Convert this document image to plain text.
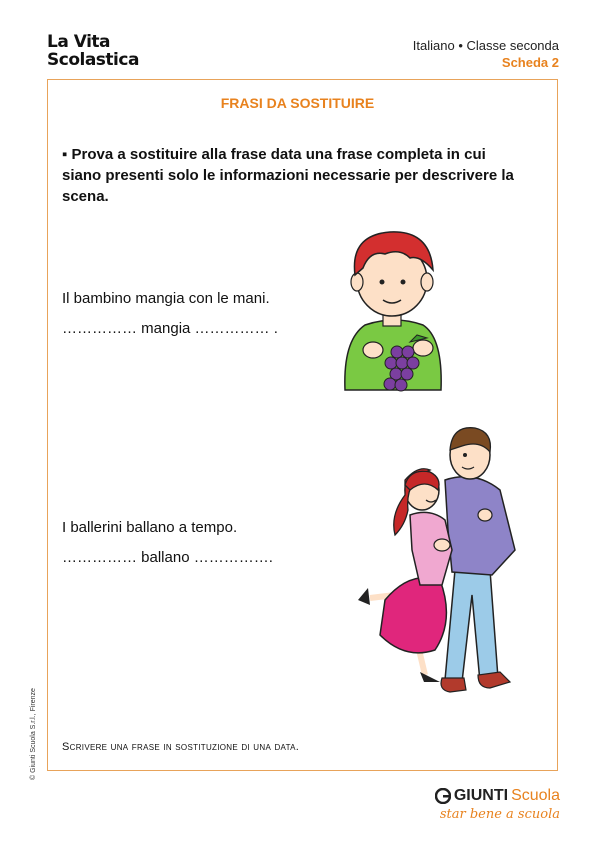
La Vita
Scolastica
Italiano • Classe seconda
Scheda 2
FRASI DA SOSTITUIRE
▪ Prova a sostituire alla frase data una frase completa in cui siano presenti solo le informazioni necessarie per descrivere la scena.
Il bambino mangia con le mani.
…………… mangia …………… .
I ballerini ballano a tempo.
…………… ballano …………….
Scrivere una frase in sostituzione di una data.
© Giunti Scuola S.r.l., Firenze
GIUNTI Scuola
star bene a scuola
